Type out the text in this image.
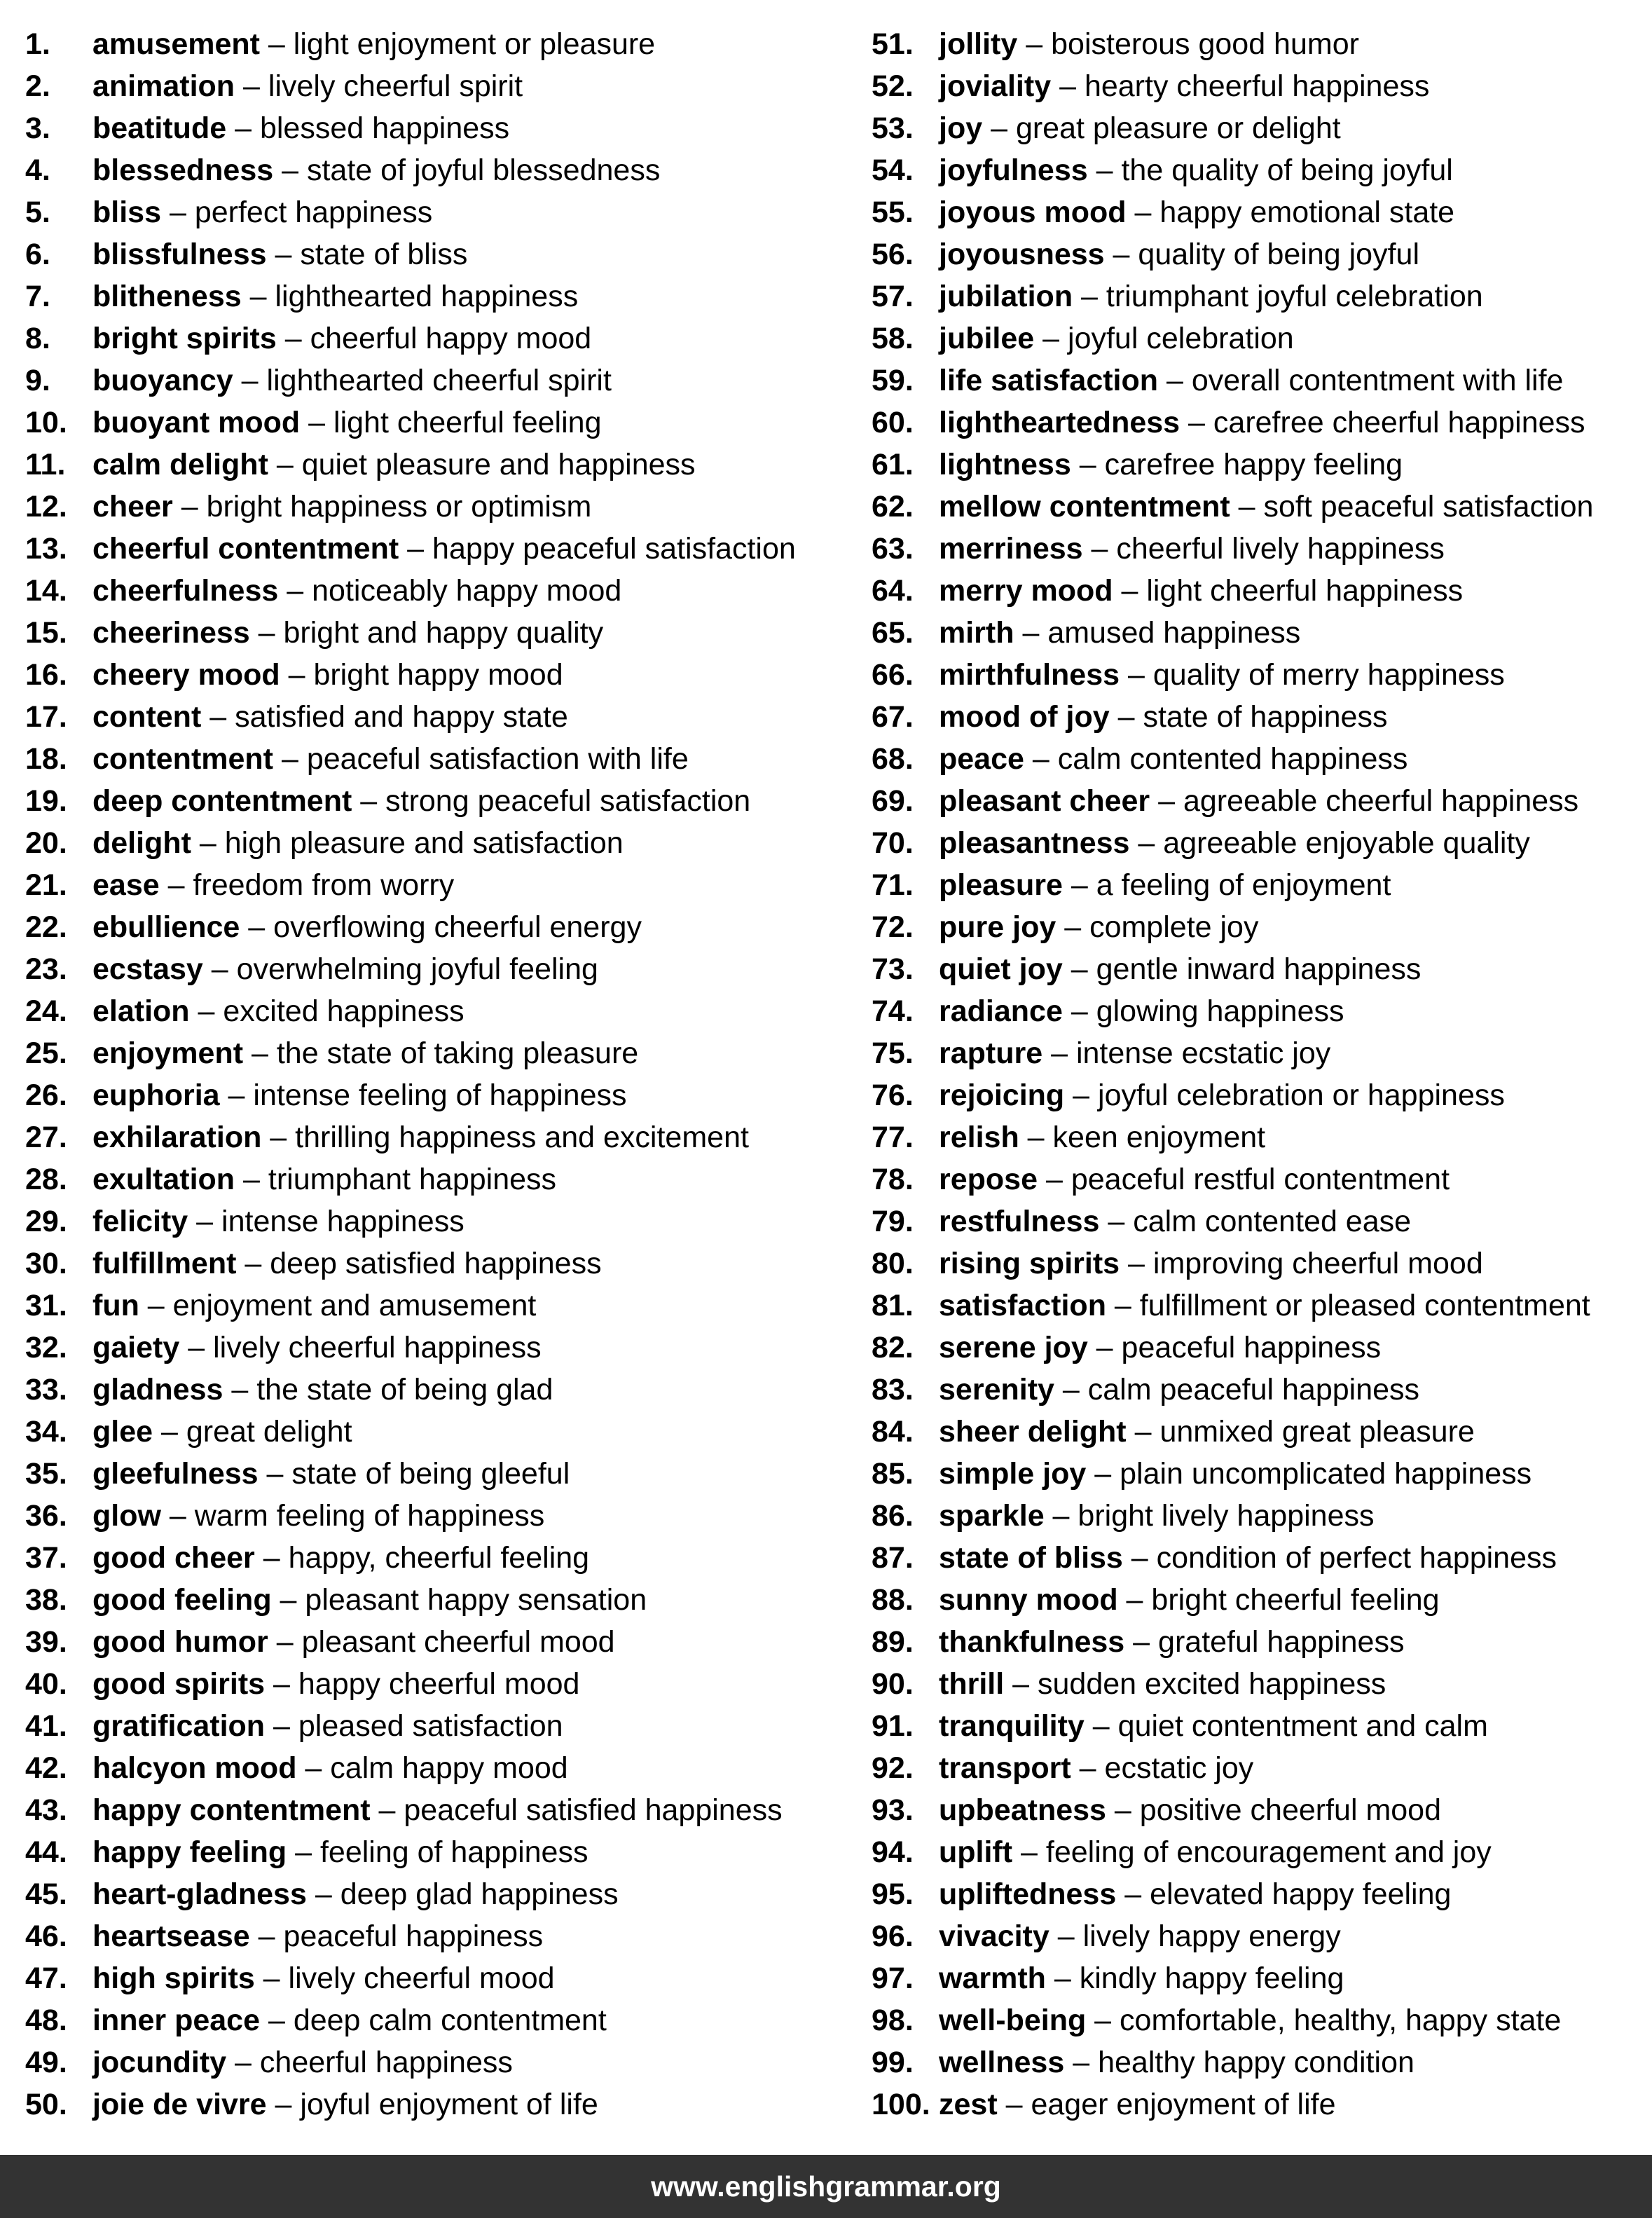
1.	amusement – light enjoyment or pleasure
2.	animation – lively cheerful spirit
3.	beatitude – blessed happiness
4.	blessedness – state of joyful blessedness
5.	bliss – perfect happiness
6.	blissfulness – state of bliss
7.	blitheness – lighthearted happiness
8.	bright spirits – cheerful happy mood
9.	buoyancy – lighthearted cheerful spirit
10. buoyant mood – light cheerful feeling
11. calm delight – quiet pleasure and happiness
12. cheer – bright happiness or optimism
13. cheerful contentment – happy peaceful satisfaction
14. cheerfulness – noticeably happy mood
15. cheeriness – bright and happy quality
16. cheery mood – bright happy mood
17. content – satisfied and happy state
18. contentment – peaceful satisfaction with life
19. deep contentment – strong peaceful satisfaction
20. delight – high pleasure and satisfaction
21. ease – freedom from worry
22. ebullience – overflowing cheerful energy
23. ecstasy – overwhelming joyful feeling
24. elation – excited happiness
25. enjoyment – the state of taking pleasure
26. euphoria – intense feeling of happiness
27. exhilaration – thrilling happiness and excitement
28. exultation – triumphant happiness
29. felicity – intense happiness
30. fulfillment – deep satisfied happiness
31. fun – enjoyment and amusement
32. gaiety – lively cheerful happiness
33. gladness – the state of being glad
34. glee – great delight
35. gleefulness – state of being gleeful
36. glow – warm feeling of happiness
37. good cheer – happy, cheerful feeling
38. good feeling – pleasant happy sensation
39. good humor – pleasant cheerful mood
40. good spirits – happy cheerful mood
41. gratification – pleased satisfaction
42. halcyon mood – calm happy mood
43. happy contentment – peaceful satisfied happiness
44. happy feeling – feeling of happiness
45. heart-gladness – deep glad happiness
46. heartsease – peaceful happiness
47. high spirits – lively cheerful mood
48. inner peace – deep calm contentment
49. jocundity – cheerful happiness
50. joie de vivre – joyful enjoyment of life
51. jollity – boisterous good humor
52. joviality – hearty cheerful happiness
53. joy – great pleasure or delight
54. joyfulness – the quality of being joyful
55. joyous mood – happy emotional state
56. joyousness – quality of being joyful
57. jubilation – triumphant joyful celebration
58. jubilee – joyful celebration
59. life satisfaction – overall contentment with life
60. lightheartedness – carefree cheerful happiness
61. lightness – carefree happy feeling
62. mellow contentment – soft peaceful satisfaction
63. merriness – cheerful lively happiness
64. merry mood – light cheerful happiness
65. mirth – amused happiness
66. mirthfulness – quality of merry happiness
67. mood of joy – state of happiness
68. peace – calm contented happiness
69. pleasant cheer – agreeable cheerful happiness
70. pleasantness – agreeable enjoyable quality
71. pleasure – a feeling of enjoyment
72. pure joy – complete joy
73. quiet joy – gentle inward happiness
74. radiance – glowing happiness
75. rapture – intense ecstatic joy
76. rejoicing – joyful celebration or happiness
77. relish – keen enjoyment
78. repose – peaceful restful contentment
79. restfulness – calm contented ease
80. rising spirits – improving cheerful mood
81. satisfaction – fulfillment or pleased contentment
82. serene joy – peaceful happiness
83. serenity – calm peaceful happiness
84. sheer delight – unmixed great pleasure
85. simple joy – plain uncomplicated happiness
86. sparkle – bright lively happiness
87. state of bliss – condition of perfect happiness
88. sunny mood – bright cheerful feeling
89. thankfulness – grateful happiness
90. thrill – sudden excited happiness
91. tranquility – quiet contentment and calm
92. transport – ecstatic joy
93. upbeatness – positive cheerful mood
94. uplift – feeling of encouragement and joy
95. upliftedness – elevated happy feeling
96. vivacity – lively happy energy
97. warmth – kindly happy feeling
98. well-being – comfortable, healthy, happy state
99. wellness – healthy happy condition
100. zest – eager enjoyment of life
www.englishgrammar.org
